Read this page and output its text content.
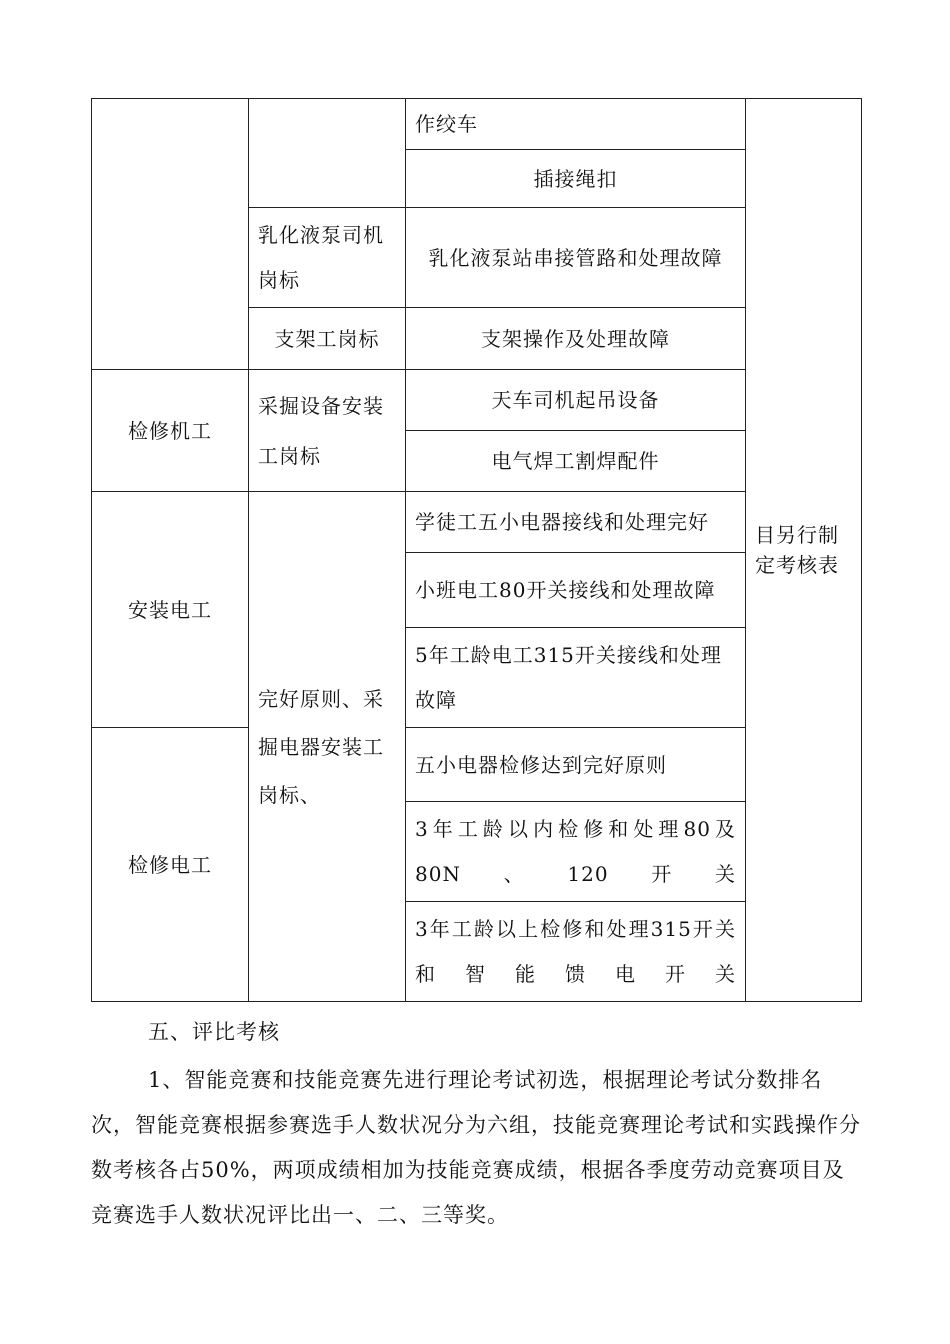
		作绞车	目另行制定考核表
		插接绳扣	
	乳化液泵司机岗标	乳化液泵站串接管路和处理故障	
	支架工岗标	支架操作及处理故障	
检修机工	采掘设备安装工岗标	天车司机起吊设备	
		电气焊工割焊配件	
安装电工	完好原则、采掘电器安装工岗标、	学徒工五小电器接线和处理完好	
		小班电工80开关接线和处理故障	
		5年工龄电工315开关接线和处理故障	
检修电工		五小电器检修达到完好原则	
		3年工龄以内检修和处理80及80N、120开关	
		3年工龄以上检修和处理315开关和智能馈电开关	
五、评比考核
1、智能竞赛和技能竞赛先进行理论考试初选，根据理论考试分数排名次，智能竞赛根据参赛选手人数状况分为六组，技能竞赛理论考试和实践操作分数考核各占50%，两项成绩相加为技能竞赛成绩，根据各季度劳动竞赛项目及竞赛选手人数状况评比出一、二、三等奖。
